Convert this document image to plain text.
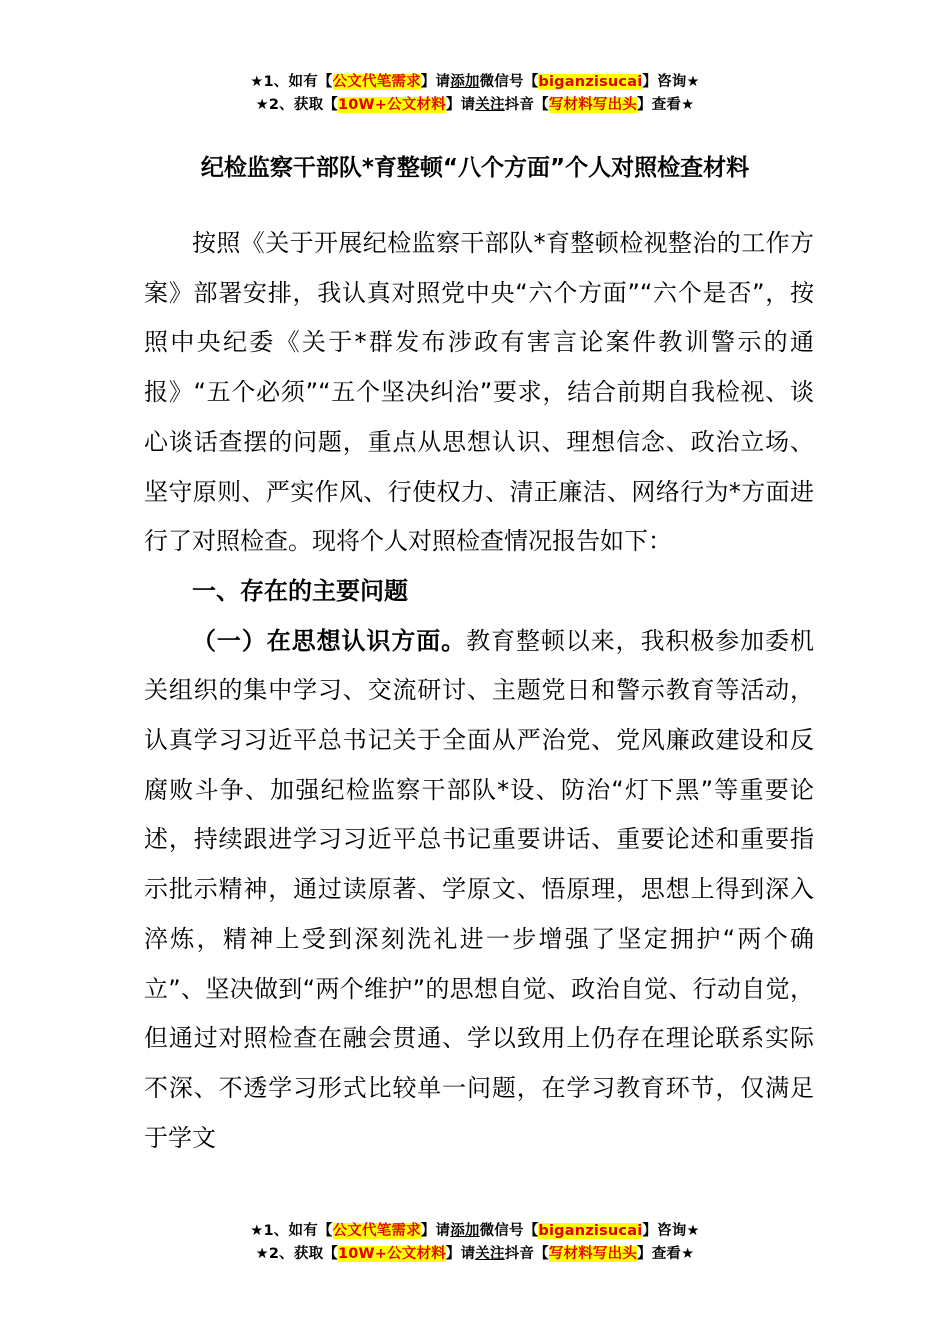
★1、如有【公文代笔需求】请添加微信号【biganzisucai】咨询★
★2、获取【10W+公文材料】请关注抖音【写材料写出头】查看★
纪检监察干部队*育整顿“八个方面”个人对照检查材料

按照《关于开展纪检监察干部队*育整顿检视整治的工作方案》部署安排，我认真对照党中央“六个方面”“六个是否”，按照中央纪委《关于*群发布涉政有害言论案件教训警示的通报》“五个必须”“五个坚决纠治”要求，结合前期自我检视、谈心谈话查摆的问题，重点从思想认识、理想信念、政治立场、坚守原则、严实作风、行使权力、清正廉洁、网络行为*方面进行了对照检查。现将个人对照检查情况报告如下：

一、存在的主要问题

（一）在思想认识方面。教育整顿以来，我积极参加委机关组织的集中学习、交流研讨、主题党日和警示教育等活动，认真学习习近平总书记关于全面从严治党、党风廉政建设和反腐败斗争、加强纪检监察干部队*设、防治“灯下黑”等重要论述，持续跟进学习习近平总书记重要讲话、重要论述和重要指示批示精神，通过读原著、学原文、悟原理，思想上得到深入淬炼，精神上受到深刻洗礼进一步增强了坚定拥护“两个确立”、坚决做到“两个维护”的思想自觉、政治自觉、行动自觉，但通过对照检查在融会贯通、学以致用上仍存在理论联系实际不深、不透学习形式比较单一问题，在学习教育环节，仅满足于学文

★1、如有【公文代笔需求】请添加微信号【biganzisucai】咨询★
★2、获取【10W+公文材料】请关注抖音【写材料写出头】查看★
